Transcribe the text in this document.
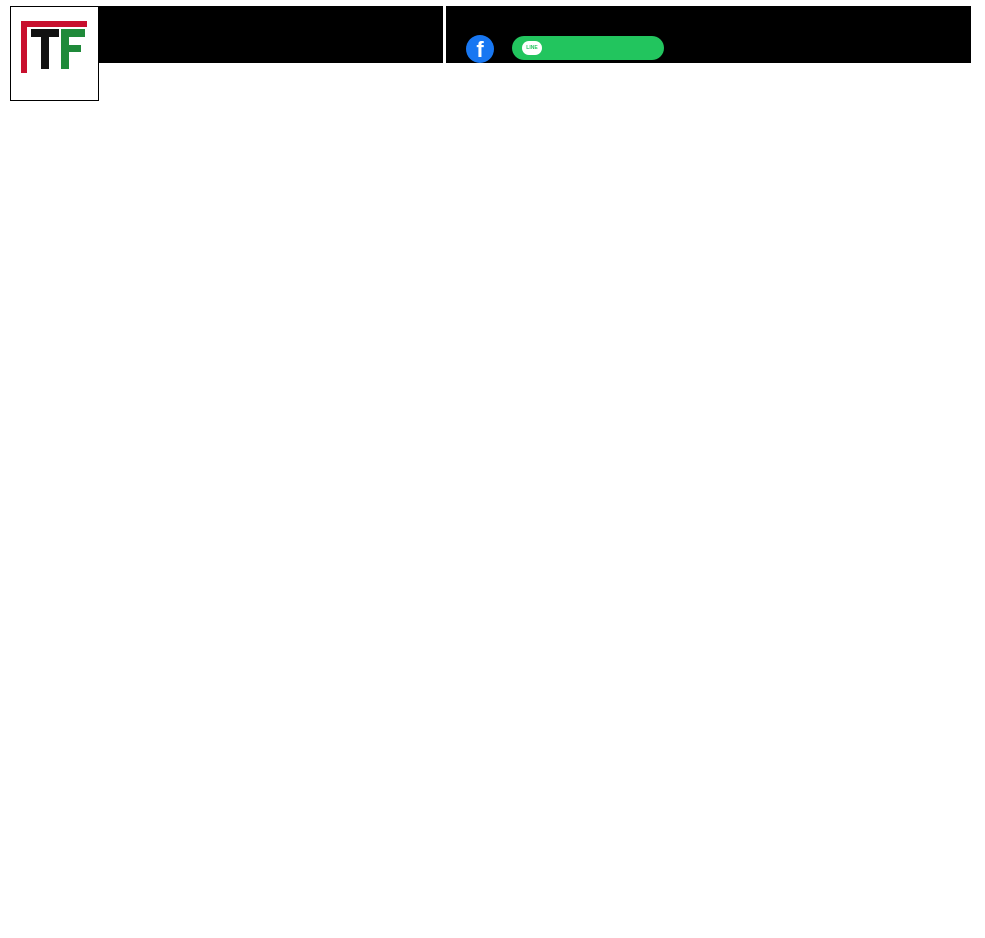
f	LINE
